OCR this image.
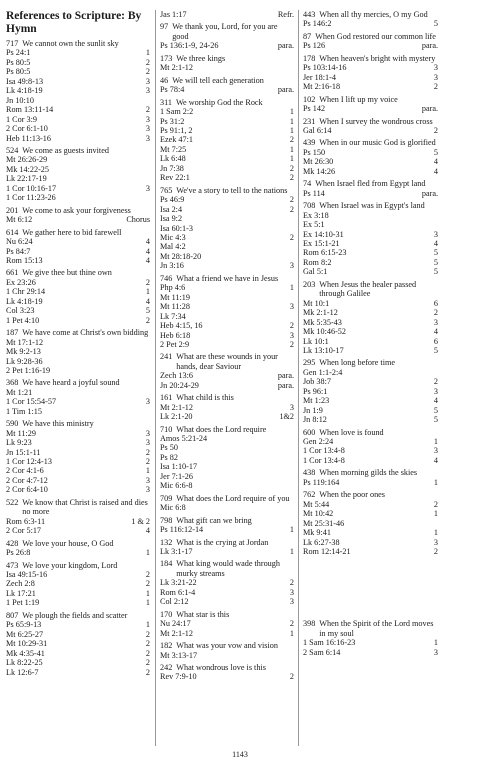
References to Scripture: By Hymn
717 We cannot own the sunlit sky
Ps 24:1	1
Ps 80:5	2
Ps 80:5	2
Isa 49:8-13	3
Lk 4:18-19	3
Jn 10:10
Rom 13:11-14	2
1 Cor 3:9	3
2 Cor 6:1-10	3
Heb 11:13-16	3
524 We come as guests invited
Mt 26:26-29
Mk 14:22-25
Lk 22:17-19
1 Cor 10:16-17	3
1 Cor 11:23-26
201 We come to ask your forgiveness
Mt 6:12	Chorus
614 We gather here to bid farewell
Nu 6:24	4
Ps 84:7	4
Rom 15:13	4
661 We give thee but thine own
Ex 23:26	2
1 Chr 29:14	1
Lk 4:18-19	4
Col 3:23	5
1 Pet 4:10	2
187 We have come at Christ's own bidding
Mt 17:1-12
Mk 9:2-13
Lk 9:28-36
2 Pet 1:16-19
368 We have heard a joyful sound
Mt 1:21
1 Cor 15:54-57	3
1 Tim 1:15
590 We have this ministry
Mt 11:29	3
Lk 9:23	3
Jn 15:1-11	2
1 Cor 12:4-13	2
2 Cor 4:1-6	1
2 Cor 4:7-12	3
2 Cor 6:4-10	3
522 We know that Christ is raised and dies no more
Rom 6:3-11	1 & 2
2 Cor 5:17	4
428 We love your house, O God
Ps 26:8	1
473 We love your kingdom, Lord
Isa 49:15-16	2
Zech 2:8	2
Lk 17:21	1
1 Pet 1:19	1
807 We plough the fields and scatter
Ps 65:9-13	1
Mt 6:25-27	2
Mt 10:29-31	2
Mk 4:35-41	2
Lk 8:22-25	2
Lk 12:6-7	2
Jas 1:17	Refr.
97 We thank you, Lord, for you are good
Ps 136:1-9, 24-26	para.
173 We three kings
Mt 2:1-12
46 We will tell each generation
Ps 78:4	para.
311 We worship God the Rock
1 Sam 2:2	1
Ps 31:2	1
Ps 91:1, 2	1
Ezek 47:1	2
Mt 7:25	1
Lk 6:48	1
Jn 7:38	2
Rev 22:1	2
765 We've a story to tell to the nations
Ps 46:9	2
Isa 2:4	2
Isa 9:2
Isa 60:1-3
Mic 4:3	2
Mal 4:2
Mt 28:18-20
Jn 3:16	3
746 What a friend we have in Jesus
Php 4:6	1
Mt 11:19
Mt 11:28	3
Lk 7:34
Heb 4:15, 16	2
Heb 6:18	3
2 Pet 2:9	2
241 What are these wounds in your hands, dear Saviour
Zech 13:6	para.
Jn 20:24-29	para.
161 What child is this
Mt 2:1-12	3
Lk 2:1-20	1&2
710 What does the Lord require
Amos 5:21-24
Ps 50
Ps 82
Isa 1:10-17
Jer 7:1-26
Mic 6:6-8
709 What does the Lord require of you
Mic 6:8
798 What gift can we bring
Ps 116:12-14	1
132 What is the crying at Jordan
Lk 3:1-17	1
184 What king would wade through murky streams
Lk 3:21-22	2
Rom 6:1-4	3
Col 2:12	3
170 What star is this
Nu 24:17	2
Mt 2:1-12	1
182 What was your vow and vision
Mt 3:13-17
242 What wondrous love is this
Rev 7:9-10	2
443 When all thy mercies, O my God
Ps 146:2	5
87 When God restored our common life
Ps 126	para.
178 When heaven's bright with mystery
Ps 103:14-16	3
Jer 18:1-4	3
Mt 2:16-18	2
102 When I lift up my voice
Ps 142	para.
231 When I survey the wondrous cross
Gal 6:14	2
439 When in our music God is glorified
Ps 150	5
Mt 26:30	4
Mk 14:26	4
74 When Israel fled from Egypt land
Ps 114	para.
708 When Israel was in Egypt's land
Ex 3:18
Ex 5:1
Ex 14:10-31	3
Ex 15:1-21	4
Rom 6:15-23	5
Rom 8:2	5
Gal 5:1	5
203 When Jesus the healer passed through Galilee
Mt 10:1	6
Mk 2:1-12	2
Mk 5:35-43	3
Mk 10:46-52	4
Lk 10:1	6
Lk 13:10-17	5
295 When long before time
Gen 1:1-2:4
Job 38:7	2
Ps 96:1	3
Mt 1:23	4
Jn 1:9	5
Jn 8:12	5
600 When love is found
Gen 2:24	1
1 Cor 13:4-8	3
1 Cor 13:4-8	4
438 When morning gilds the skies
Ps 119:164	1
762 When the poor ones
Mt 5:44	2
Mt 10:42	1
Mt 25:31-46
Mk 9:41	1
Lk 6:27-38	3
Rom 12:14-21	2
398 When the Spirit of the Lord moves in my soul
1 Sam 16:16-23	1
2 Sam 6:14	3
1143
